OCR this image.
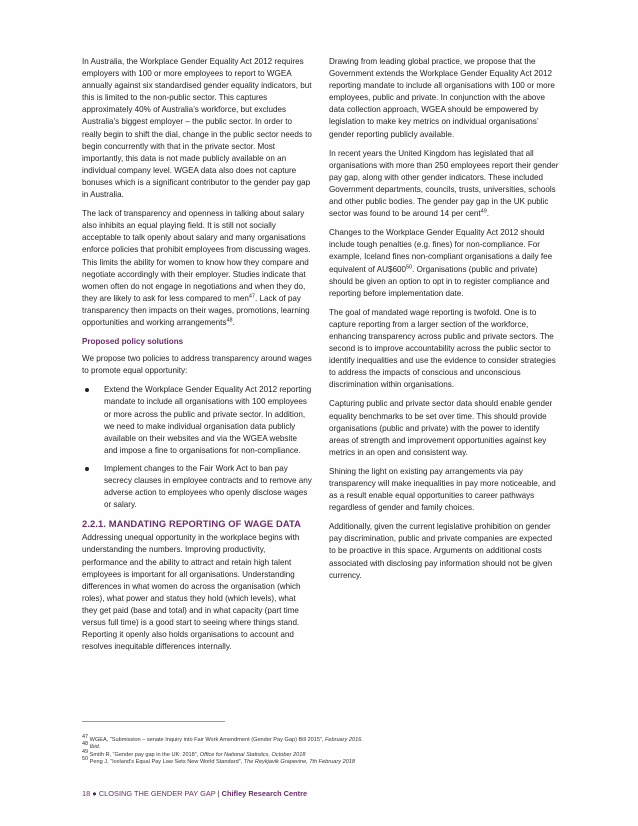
In Australia, the Workplace Gender Equality Act 2012 requires employers with 100 or more employees to report to WGEA annually against six standardised gender equality indicators, but this is limited to the non-public sector. This captures approximately 40% of Australia’s workforce, but excludes Australia’s biggest employer – the public sector. In order to really begin to shift the dial, change in the public sector needs to begin concurrently with that in the private sector. Most importantly, this data is not made publicly available on an individual company level. WGEA data also does not capture bonuses which is a significant contributor to the gender pay gap in Australia.

The lack of transparency and openness in talking about salary also inhibits an equal playing field. It is still not socially acceptable to talk openly about salary and many organisations enforce policies that prohibit employees from discussing wages. This limits the ability for women to know how they compare and negotiate accordingly with their employer. Studies indicate that women often do not engage in negotiations and when they do, they are likely to ask for less compared to men$^{47}$. Lack of pay transparency then impacts on their wages, promotions, learning opportunities and working arrangements$^{48}$.

Proposed policy solutions

We propose two policies to address transparency around wages to promote equal opportunity:

Extend the Workplace Gender Equality Act 2012 reporting mandate to include all organisations with 100 employees or more across the public and private sector. In addition, we need to make individual organisation data publicly available on their websites and via the WGEA website and impose a fine to organisations for non-compliance.
Implement changes to the Fair Work Act to ban pay secrecy clauses in employee contracts and to remove any adverse action to employees who openly disclose wages or salary.
2.2.1. MANDATING REPORTING OF WAGE DATA

Addressing unequal opportunity in the workplace begins with understanding the numbers. Improving productivity, performance and the ability to attract and retain high talent employees is important for all organisations. Understanding differences in what women do across the organisation (which roles), what power and status they hold (which levels), what they get paid (base and total) and in what capacity (part time versus full time) is a good start to seeing where things stand. Reporting it openly also holds organisations to account and resolves inequitable differences internally.

Drawing from leading global practice, we propose that the Government extends the Workplace Gender Equality Act 2012 reporting mandate to include all organisations with 100 or more employees, public and private. In conjunction with the above data collection approach, WGEA should be empowered by legislation to make key metrics on individual organisations’ gender reporting publicly available.

In recent years the United Kingdom has legislated that all organisations with more than 250 employees report their gender pay gap, along with other gender indicators. These included Government departments, councils, trusts, universities, schools and other public bodies. The gender pay gap in the UK public sector was found to be around 14 per cent$^{49}$.

Changes to the Workplace Gender Equality Act 2012 should include tough penalties (e.g. fines) for non-compliance. For example, Iceland fines non-compliant organisations a daily fee equivalent of $AU\$600^{50}$. Organisations (public and private) should be given an option to opt in to register compliance and reporting before implementation date.

The goal of mandated wage reporting is twofold. One is to capture reporting from a larger section of the workforce, enhancing transparency across public and private sectors. The second is to improve accountability across the public sector to identify inequalities and use the evidence to consider strategies to address the impacts of conscious and unconscious discrimination within organisations.

Capturing public and private sector data should enable gender equality benchmarks to be set over time. This should provide organisations (public and private) with the power to identify areas of strength and improvement opportunities against key metrics in an open and consistent way.

Shining the light on existing pay arrangements via pay transparency will make inequalities in pay more noticeable, and as a result enable equal opportunities to career pathways regardless of gender and family choices.

Additionally, given the current legislative prohibition on gender pay discrimination, public and private companies are expected to be proactive in this space. Arguments on additional costs associated with disclosing pay information should not be given currency.

$^{47}$ WGEA, “Submission – senate Inquiry into Fair Work Amendment (Gender Pay Gap) Bill 2015”, February 2016.
$^{48}$ Ibid.
$^{49}$ Smith R, “Gender pay gap in the UK: 2018”, Office for National Statistics, October 2018
$^{50}$ Peng J, “Iceland’s Equal Pay Law Sets New World Standard”, The Reykjavik Grapevine, 7th February 2018
18 ● CLOSING THE GENDER PAY GAP | Chifley Research Centre
